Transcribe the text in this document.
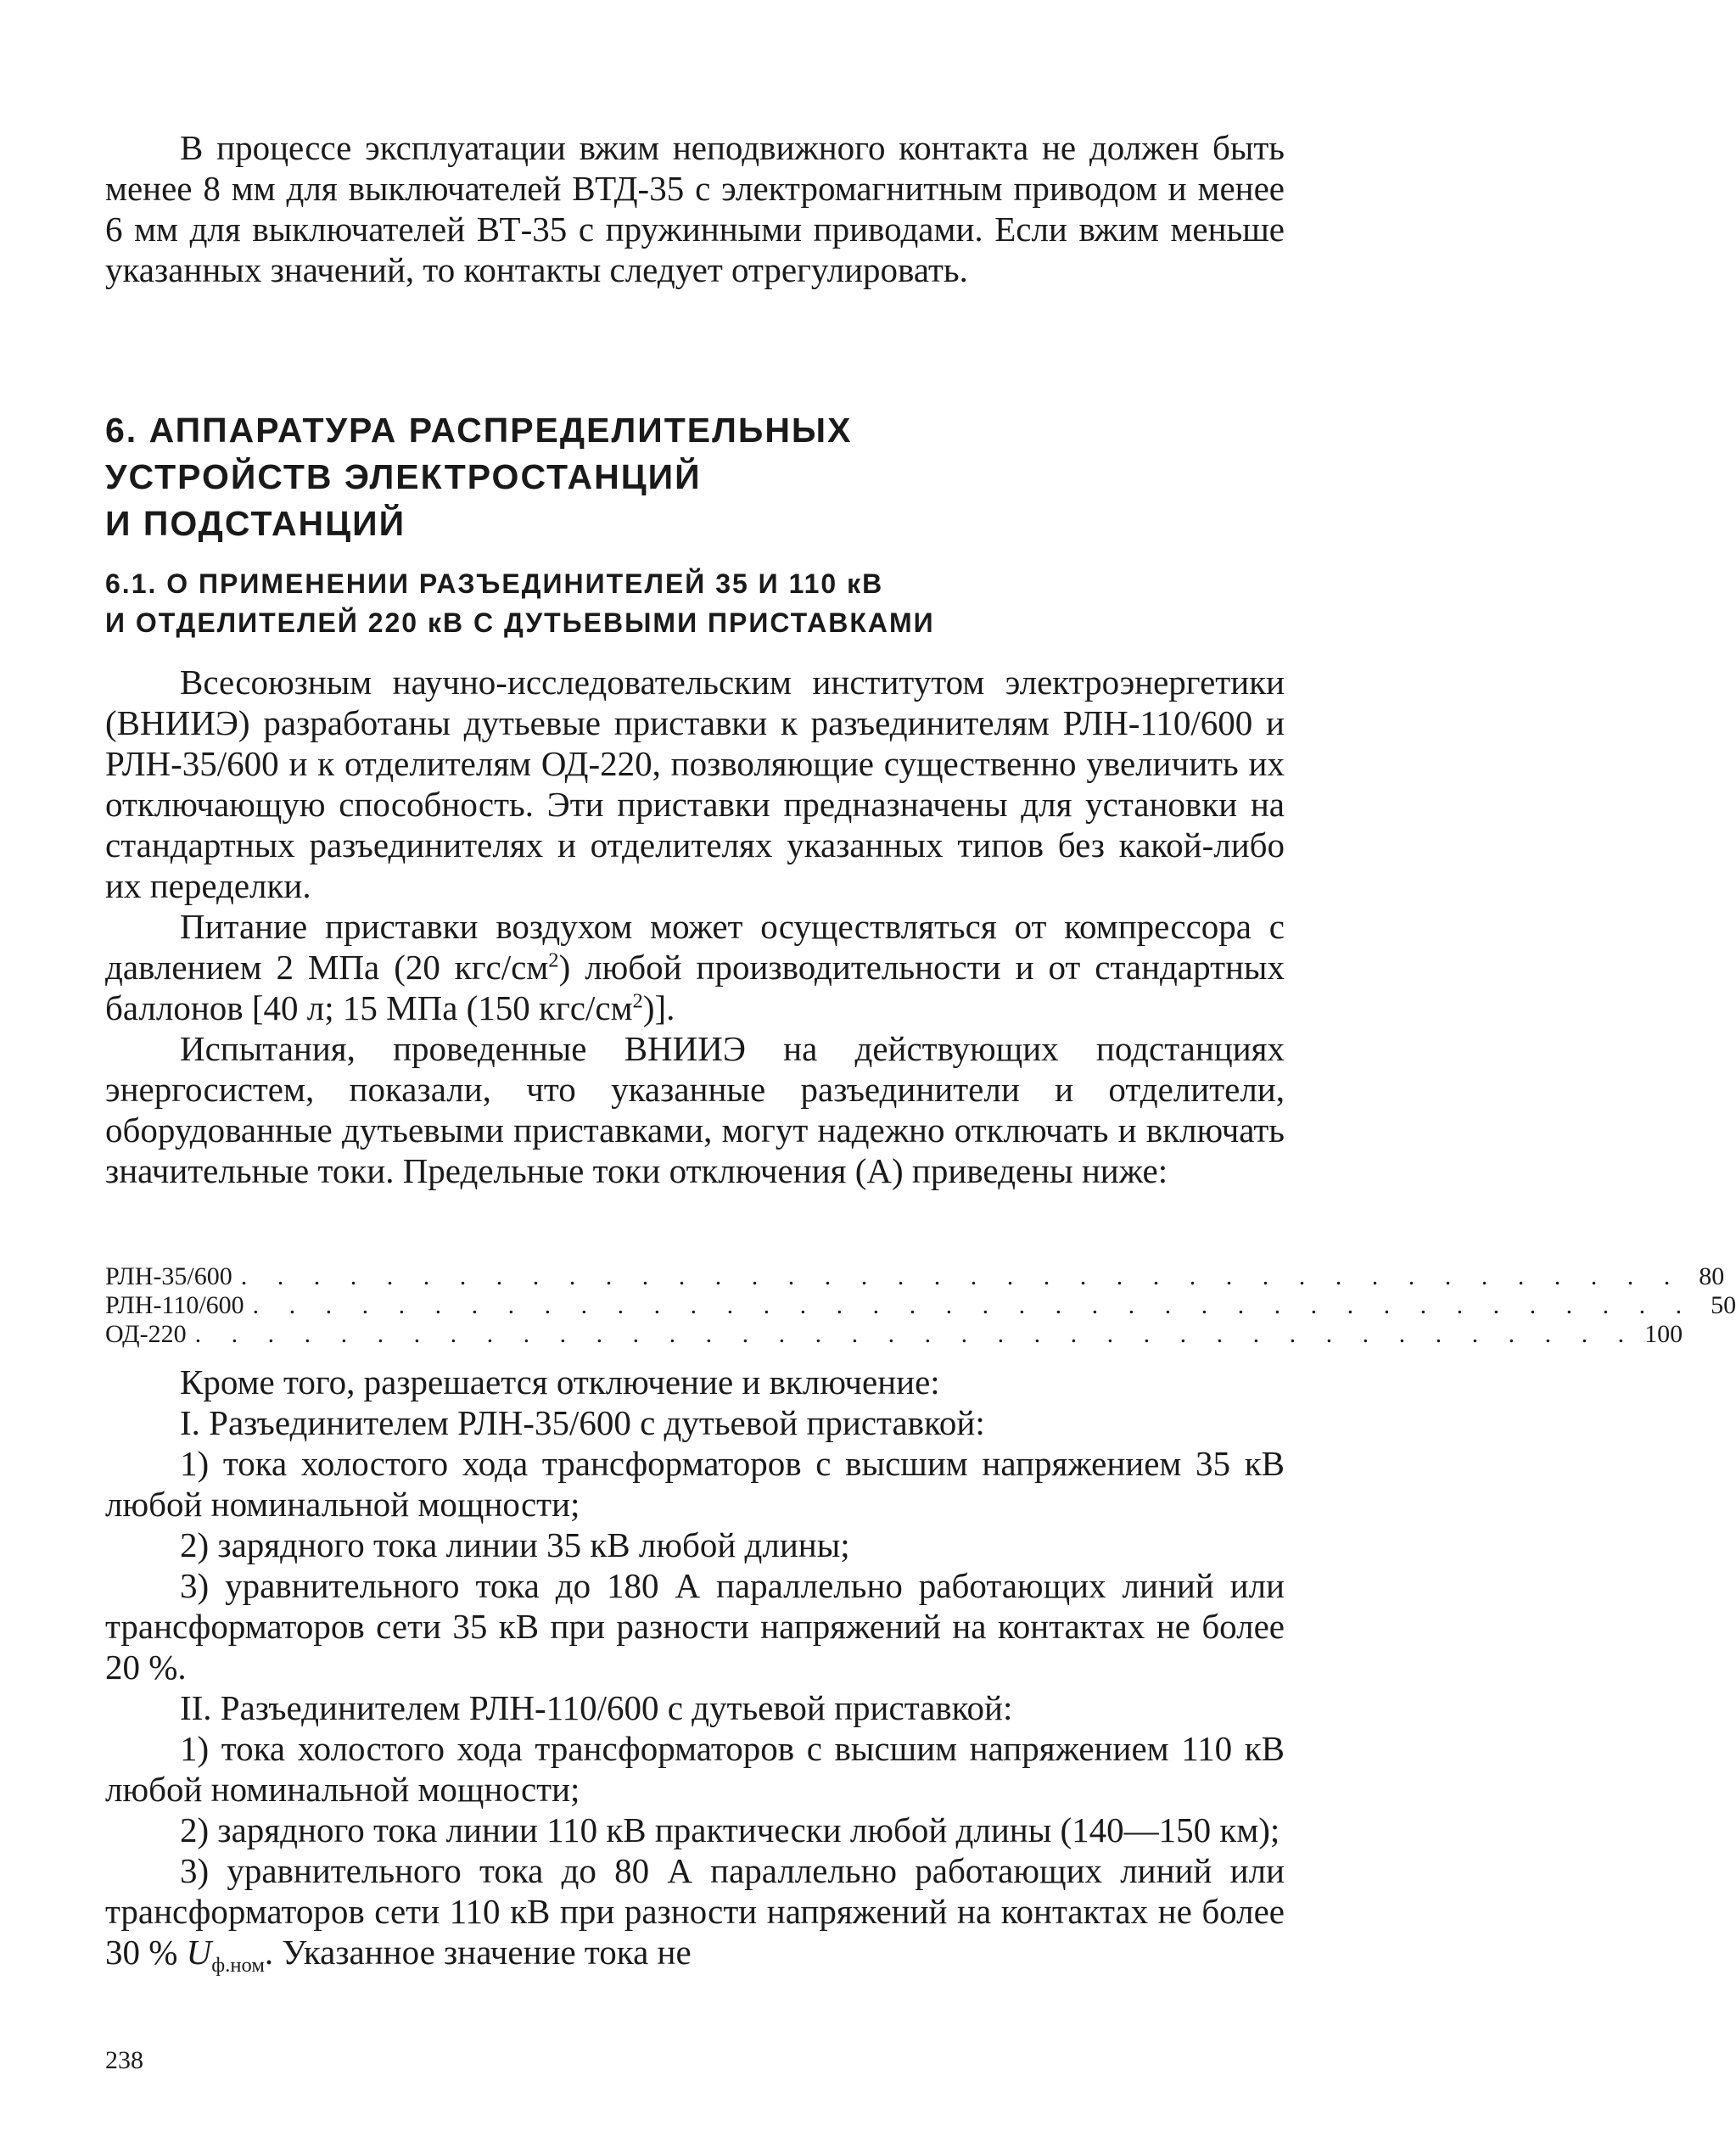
В процессе эксплуатации вжим неподвижного контакта не должен быть менее 8 мм для выключателей ВТД-35 с электромагнитным приводом и менее 6 мм для выключателей ВТ-35 с пружинными приводами. Если вжим меньше указанных значений, то контакты следует отрегулировать.

6. АППАРАТУРА РАСПРЕДЕЛИТЕЛЬНЫХ
УСТРОЙСТВ ЭЛЕКТРОСТАНЦИЙ
И ПОДСТАНЦИЙ
6.1. О ПРИМЕНЕНИИ РАЗЪЕДИНИТЕЛЕЙ 35 И 110 кВ
И ОТДЕЛИТЕЛЕЙ 220 кВ С ДУТЬЕВЫМИ ПРИСТАВКАМИ

Всесоюзным научно-исследовательским институтом электроэнергетики (ВНИИЭ) разработаны дутьевые приставки к разъединителям РЛН-110/600 и РЛН-35/600 и к отделителям ОД-220, позволяющие существенно увеличить их отключающую способность. Эти приставки предназначены для установки на стандартных разъединителях и отделителях указанных типов без какой-либо их переделки.

Питание приставки воздухом может осуществляться от компрессора с давлением 2 МПа (20 кгс/$см^2$) любой производительности и от стандартных баллонов [40 л; 15 МПа (150 кгс/$см^2$)].

Испытания, проведенные ВНИИЭ на действующих подстанциях энергосистем, показали, что указанные разъединители и отделители, оборудованные дутьевыми приставками, могут надежно отключать и включать значительные токи. Предельные токи отключения (А) приведены ниже:

РЛН-35/600 . . . . . . . . . . . . . . . . . . . . . . . . . . . . . . . . . . . . . . . . 80
РЛН-110/600 . . . . . . . . . . . . . . . . . . . . . . . . . . . . . . . . . . . . . . . . 50
ОД-220 . . . . . . . . . . . . . . . . . . . . . . . . . . . . . . . . . . . . . . . . 100

Кроме того, разрешается отключение и включение:

I. Разъединителем РЛН-35/600 с дутьевой приставкой:

1) тока холостого хода трансформаторов с высшим напряжением 35 кВ любой номинальной мощности;

2) зарядного тока линии 35 кВ любой длины;

3) уравнительного тока до 180 А параллельно работающих линий или трансформаторов сети 35 кВ при разности напряжений на контактах не более 20 %.

II. Разъединителем РЛН-110/600 с дутьевой приставкой:

1) тока холостого хода трансформаторов с высшим напряжением 110 кВ любой номинальной мощности;

2) зарядного тока линии 110 кВ практически любой длины (140—150 км);

3) уравнительного тока до 80 А параллельно работающих линий или трансформаторов сети 110 кВ при разности напряжений на контактах не более 30 % $U_{ф.ном}$. Указанное значение тока не

238
